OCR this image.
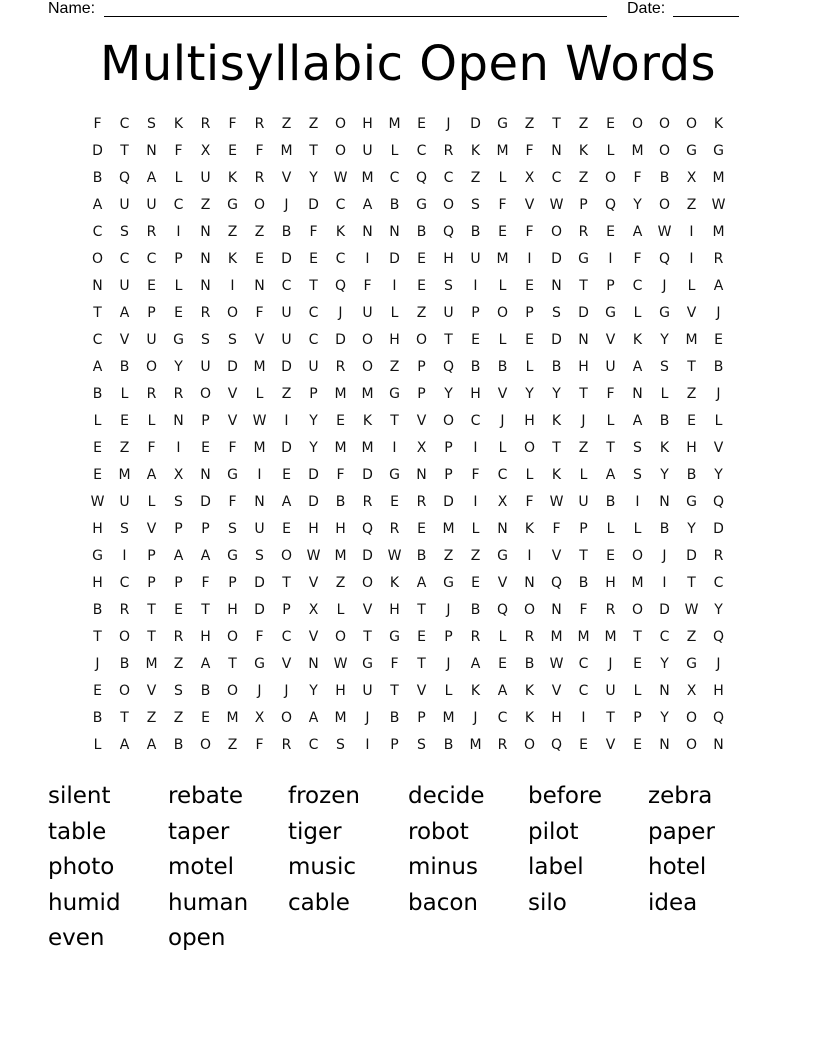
Name:	Date:
Multisyllabic Open Words
F	C	S	K	R	F	R	Z	Z	O	H	M	E	J	D	G	Z	T	Z	E	O	O	O	K
D	T	N	F	X	E	F	M	T	O	U	L	C	R	K	M	F	N	K	L	M	O	G	G
B	Q	A	L	U	K	R	V	Y	W	M	C	Q	C	Z	L	X	C	Z	O	F	B	X	M
A	U	U	C	Z	G	O	J	D	C	A	B	G	O	S	F	V	W	P	Q	Y	O	Z	W
C	S	R	I	N	Z	Z	B	F	K	N	N	B	Q	B	E	F	O	R	E	A	W	I	M
O	C	C	P	N	K	E	D	E	C	I	D	E	H	U	M	I	D	G	I	F	Q	I	R
N	U	E	L	N	I	N	C	T	Q	F	I	E	S	I	L	E	N	T	P	C	J	L	A
T	A	P	E	R	O	F	U	C	J	U	L	Z	U	P	O	P	S	D	G	L	G	V	J
C	V	U	G	S	S	V	U	C	D	O	H	O	T	E	L	E	D	N	V	K	Y	M	E
A	B	O	Y	U	D	M	D	U	R	O	Z	P	Q	B	B	L	B	H	U	A	S	T	B
B	L	R	R	O	V	L	Z	P	M	M	G	P	Y	H	V	Y	Y	T	F	N	L	Z	J
L	E	L	N	P	V	W	I	Y	E	K	T	V	O	C	J	H	K	J	L	A	B	E	L
E	Z	F	I	E	F	M	D	Y	M	M	I	X	P	I	L	O	T	Z	T	S	K	H	V
E	M	A	X	N	G	I	E	D	F	D	G	N	P	F	C	L	K	L	A	S	Y	B	Y
W	U	L	S	D	F	N	A	D	B	R	E	R	D	I	X	F	W	U	B	I	N	G	Q
H	S	V	P	P	S	U	E	H	H	Q	R	E	M	L	N	K	F	P	L	L	B	Y	D
G	I	P	A	A	G	S	O	W	M	D	W	B	Z	Z	G	I	V	T	E	O	J	D	R
H	C	P	P	F	P	D	T	V	Z	O	K	A	G	E	V	N	Q	B	H	M	I	T	C
B	R	T	E	T	H	D	P	X	L	V	H	T	J	B	Q	O	N	F	R	O	D	W	Y
T	O	T	R	H	O	F	C	V	O	T	G	E	P	R	L	R	M	M	M	T	C	Z	Q
J	B	M	Z	A	T	G	V	N	W	G	F	T	J	A	E	B	W	C	J	E	Y	G	J
E	O	V	S	B	O	J	J	Y	H	U	T	V	L	K	A	K	V	C	U	L	N	X	H
B	T	Z	Z	E	M	X	O	A	M	J	B	P	M	J	C	K	H	I	T	P	Y	O	Q
L	A	A	B	O	Z	F	R	C	S	I	P	S	B	M	R	O	Q	E	V	E	N	O	N
silent	rebate	frozen	decide	before	zebra
table	taper	tiger	robot	pilot	paper
photo	motel	music	minus	label	hotel
humid	human	cable	bacon	silo	idea
even	open
